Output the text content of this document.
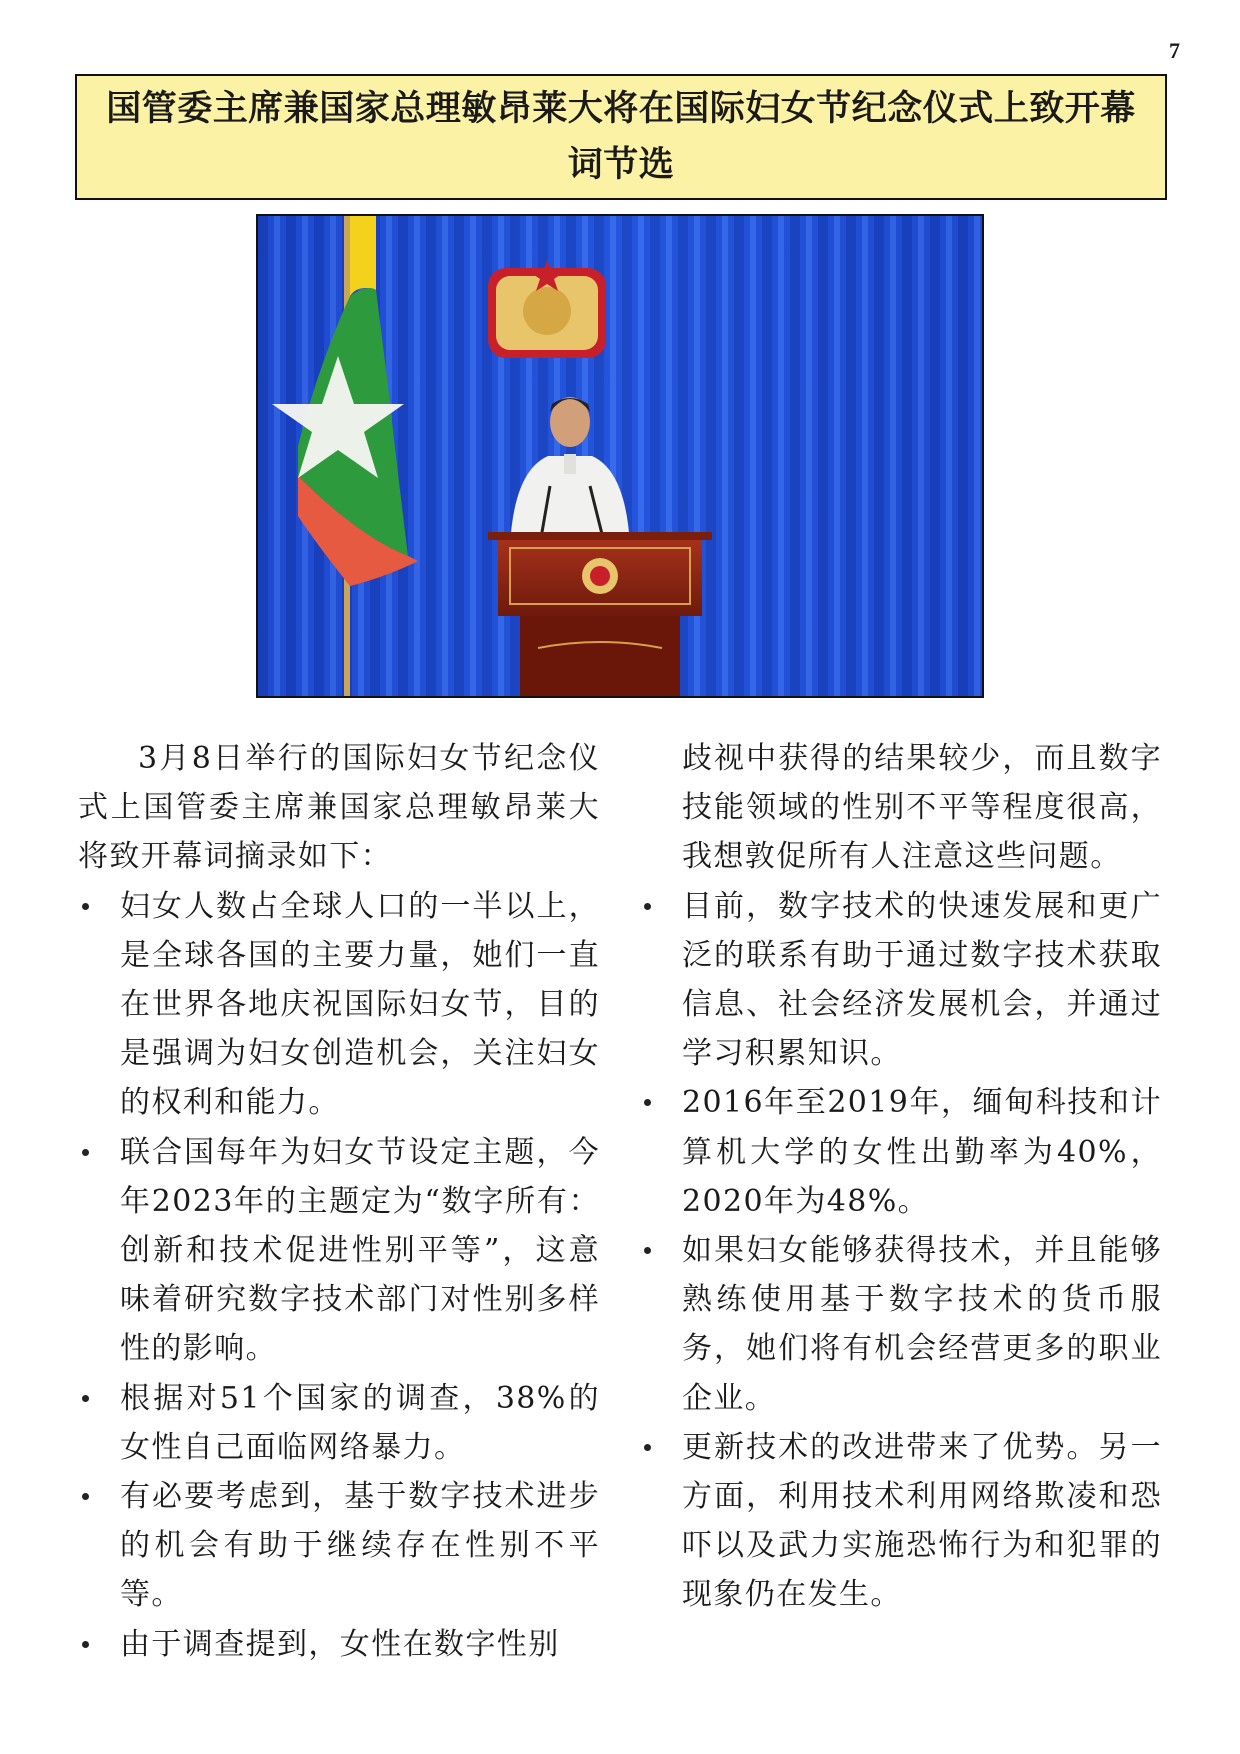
7
国管委主席兼国家总理敏昂莱大将在国际妇女节纪念仪式上致开幕词节选

3月8日举行的国际妇女节纪念仪式上国管委主席兼国家总理敏昂莱大将致开幕词摘录如下：

妇女人数占全球人口的一半以上，是全球各国的主要力量，她们一直在世界各地庆祝国际妇女节，目的是强调为妇女创造机会，关注妇女的权利和能力。
联合国每年为妇女节设定主题，今年2023年的主题定为“数字所有：创新和技术促进性别平等”，这意味着研究数字技术部门对性别多样性的影响。
根据对51个国家的调查，38%的女性自己面临网络暴力。
有必要考虑到，基于数字技术进步的机会有助于继续存在性别不平等。
由于调查提到，女性在数字性别

歧视中获得的结果较少，而且数字技能领域的性别不平等程度很高，我想敦促所有人注意这些问题。

目前，数字技术的快速发展和更广泛的联系有助于通过数字技术获取信息、社会经济发展机会，并通过学习积累知识。
2016年至2019年，缅甸科技和计算机大学的女性出勤率为40%，2020年为48%。
如果妇女能够获得技术，并且能够熟练使用基于数字技术的货币服务，她们将有机会经营更多的职业企业。
更新技术的改进带来了优势。另一方面，利用技术利用网络欺凌和恐吓以及武力实施恐怖行为和犯罪的现象仍在发生。
